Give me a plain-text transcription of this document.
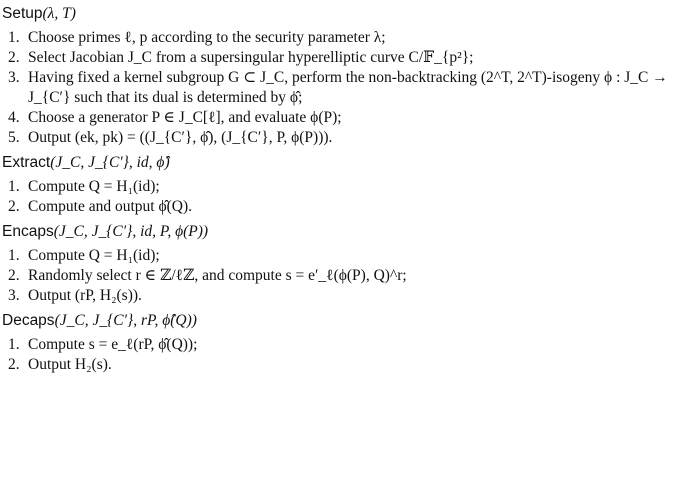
Setup(λ, T)
1. Choose primes ℓ, p according to the security parameter λ;
2. Select Jacobian J_C from a supersingular hyperelliptic curve C/𝔽_{p²};
3. Having fixed a kernel subgroup G ⊂ J_C, perform the non-backtracking (2^T, 2^T)-isogeny ϕ : J_C → J_{C′} such that its dual is determined by ϕ̂;
4. Choose a generator P ∈ J_C[ℓ], and evaluate ϕ(P);
5. Output (ek, pk) = ((J_{C′}, ϕ̂), (J_{C′}, P, ϕ(P))).
Extract(J_C, J_{C′}, id, ϕ̂)
1. Compute Q = H₁(id);
2. Compute and output ϕ̂(Q).
Encaps(J_C, J_{C′}, id, P, ϕ(P))
1. Compute Q = H₁(id);
2. Randomly select r ∈ ℤ/ℓℤ, and compute s = e′_ℓ(ϕ(P), Q)^r;
3. Output (rP, H₂(s)).
Decaps(J_C, J_{C′}, rP, ϕ̂(Q))
1. Compute s = e_ℓ(rP, ϕ̂(Q));
2. Output H₂(s).
